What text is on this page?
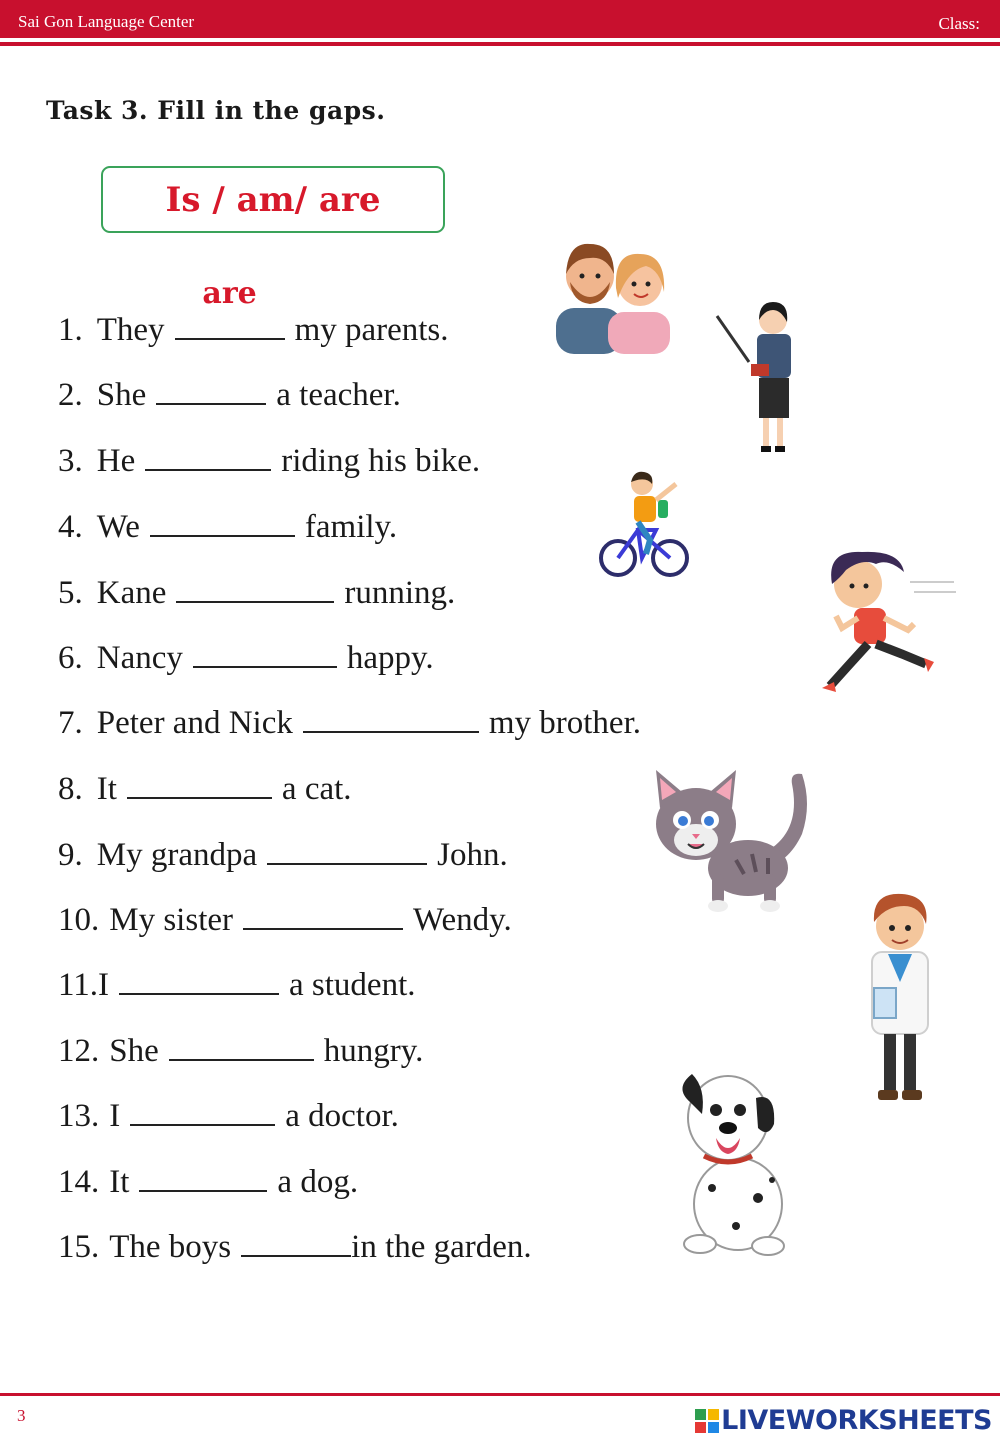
Sai Gon Language Center	Class:
Task 3. Fill in the gaps.
Is / am/ are
1. They
are
my parents.
2. She	a teacher.
3. He	riding his bike.
4. We	family.
5. Kane	running.
6. Nancy	happy.
7. Peter and Nick	my brother.
8. It	a cat.
9. My grandpa	John.
10. My sister	Wendy.
11.I	a student.
12. She	hungry.
13. I	a doctor.
14. It	a dog.
15. The boys	in the garden.
3	LIVEWORKSHEETS
